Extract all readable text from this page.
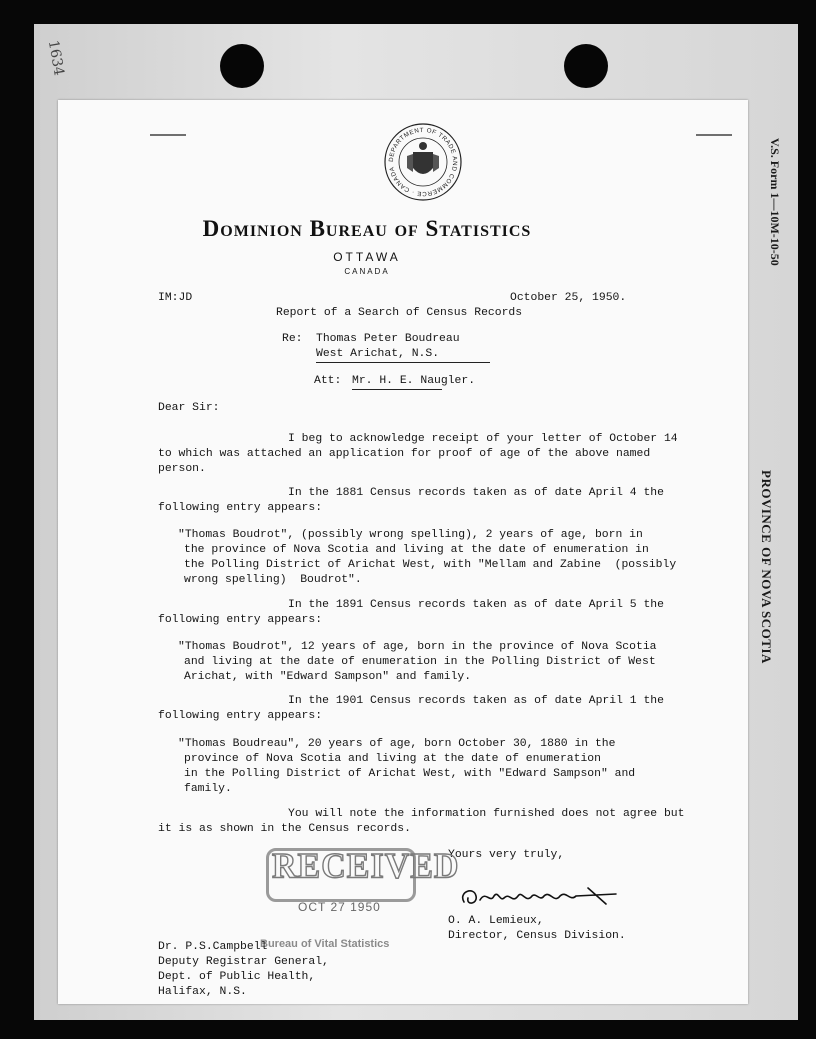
1634
V.S. Form 1—10M-10-50
PROVINCE OF NOVA SCOTIA
DEPARTMENT OF TRADE AND COMMERCE · CANADA
Dominion Bureau of Statistics
OTTAWA
CANADA
IM:JD	October 25, 1950.
Report of a Search of Census Records
Re: Thomas Peter Boudreau
West Arichat, N.S.
Att: Mr. H. E. Naugler.
Dear Sir:
I beg to acknowledge receipt of your letter of October 14
to which was attached an application for proof of age of the above named
person.
In the 1881 Census records taken as of date April 4 the
following entry appears:
"Thomas Boudrot", (possibly wrong spelling), 2 years of age, born in
the province of Nova Scotia and living at the date of enumeration in
the Polling District of Arichat West, with "Mellam and Zabine  (possibly
wrong spelling)  Boudrot".
In the 1891 Census records taken as of date April 5 the
following entry appears:
"Thomas Boudrot", 12 years of age, born in the province of Nova Scotia
and living at the date of enumeration in the Polling District of West
Arichat, with "Edward Sampson" and family.
In the 1901 Census records taken as of date April 1 the
following entry appears:
"Thomas Boudreau", 20 years of age, born October 30, 1880 in the
province of Nova Scotia and living at the date of enumeration
in the Polling District of Arichat West, with "Edward Sampson" and
family.
You will note the information furnished does not agree but
it is as shown in the Census records.
Yours very truly,
O. A. Lemieux,
Director, Census Division.
RECEIVED
OCT 27 1950
Bureau of Vital Statistics
Dr. P.S.Campbell
Deputy Registrar General,
Dept. of Public Health,
Halifax, N.S.
